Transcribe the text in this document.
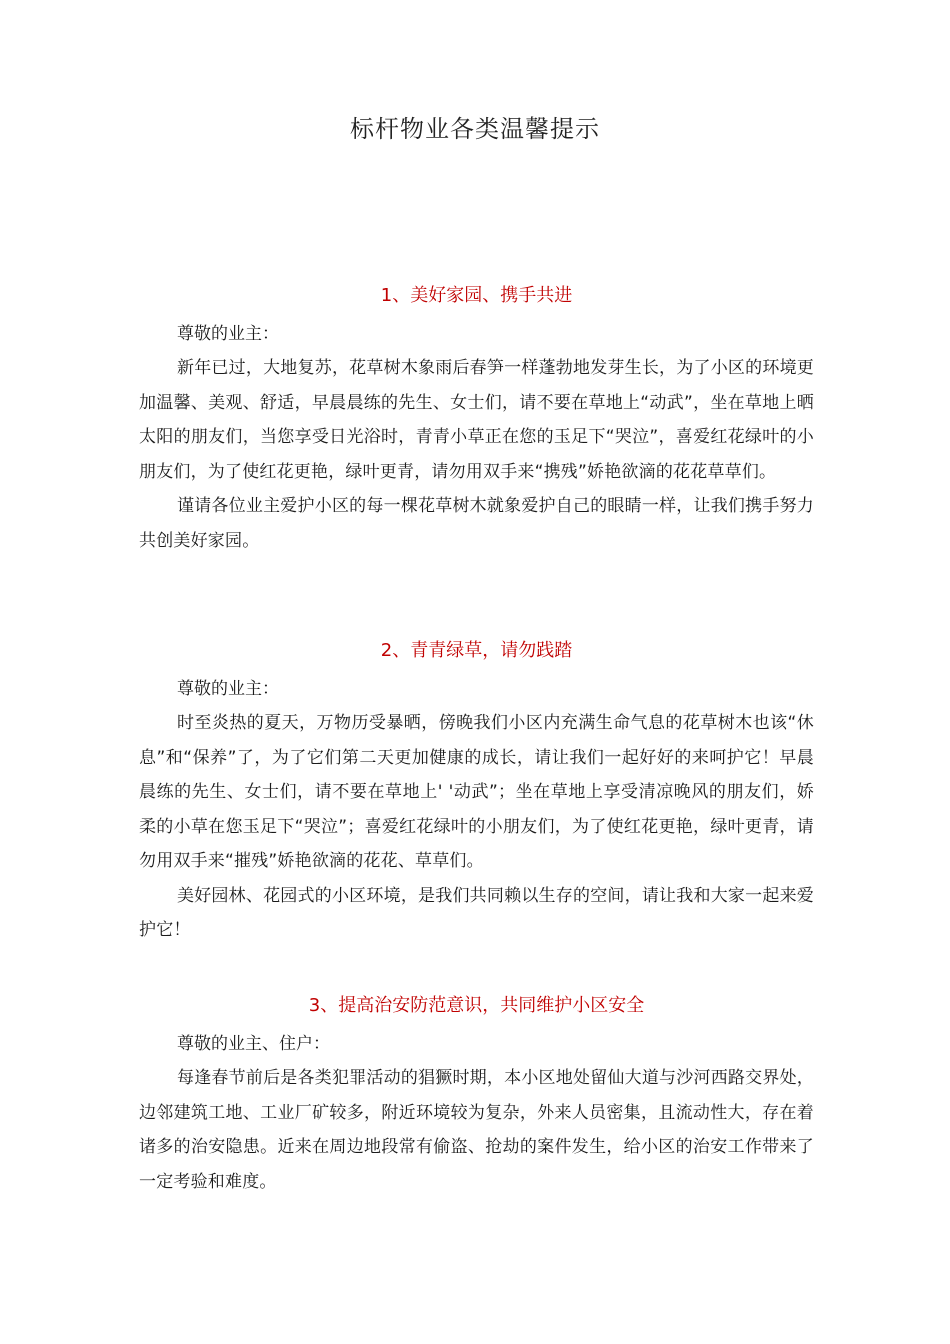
标杆物业各类温馨提示
1、美好家园、携手共进

尊敬的业主：

新年已过，大地复苏，花草树木象雨后春笋一样蓬勃地发芽生长，为了小区的环境更加温馨、美观、舒适，早晨晨练的先生、女士们，请不要在草地上“动武”，坐在草地上晒太阳的朋友们，当您享受日光浴时，青青小草正在您的玉足下“哭泣”，喜爱红花绿叶的小朋友们，为了使红花更艳，绿叶更青，请勿用双手来“携残”娇艳欲滴的花花草草们。

谨请各位业主爱护小区的每一棵花草树木就象爱护自己的眼睛一样，让我们携手努力共创美好家园。

2、青青绿草，请勿践踏

尊敬的业主：

时至炎热的夏天，万物历受暴晒，傍晚我们小区内充满生命气息的花草树木也该“休息”和“保养”了，为了它们第二天更加健康的成长，请让我们一起好好的来呵护它！早晨晨练的先生、女士们，请不要在草地上' '动武”；坐在草地上享受清凉晚风的朋友们，娇柔的小草在您玉足下“哭泣”；喜爱红花绿叶的小朋友们，为了使红花更艳，绿叶更青，请勿用双手来“摧残”娇艳欲滴的花花、草草们。

美好园林、花园式的小区环境，是我们共同赖以生存的空间，请让我和大家一起来爱护它！

3、提高治安防范意识，共同维护小区安全

尊敬的业主、住户：

每逢春节前后是各类犯罪活动的猖獗时期，本小区地处留仙大道与沙河西路交界处，边邻建筑工地、工业厂矿较多，附近环境较为复杂，外来人员密集，且流动性大，存在着诸多的治安隐患。近来在周边地段常有偷盗、抢劫的案件发生，给小区的治安工作带来了一定考验和难度。
